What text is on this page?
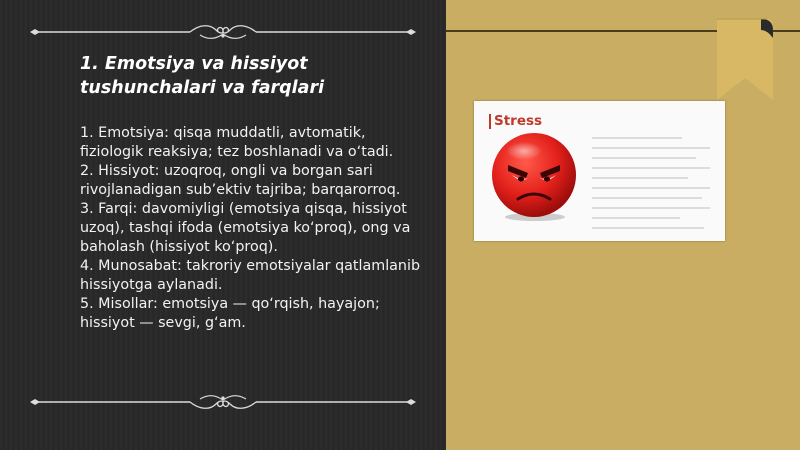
1. Emotsiya va hissiyot tushunchalari va farqlari
1. Emotsiya: qisqa muddatli, avtomatik, fiziologik reaksiya; tez boshlanadi va o‘tadi.
2. Hissiyot: uzoqroq, ongli va borgan sari rivojlanadigan sub’ektiv tajriba; barqarorroq.
3. Farqi: davomiyligi (emotsiya qisqa, hissiyot uzoq), tashqi ifoda (emotsiya ko‘proq), ong va baholash (hissiyot ko‘proq).
4. Munosabat: takroriy emotsiyalar qatlamlanib hissiyotga aylanadi.
5. Misollar: emotsiya — qo‘rqish, hayajon; hissiyot — sevgi, g‘am.
Stress
